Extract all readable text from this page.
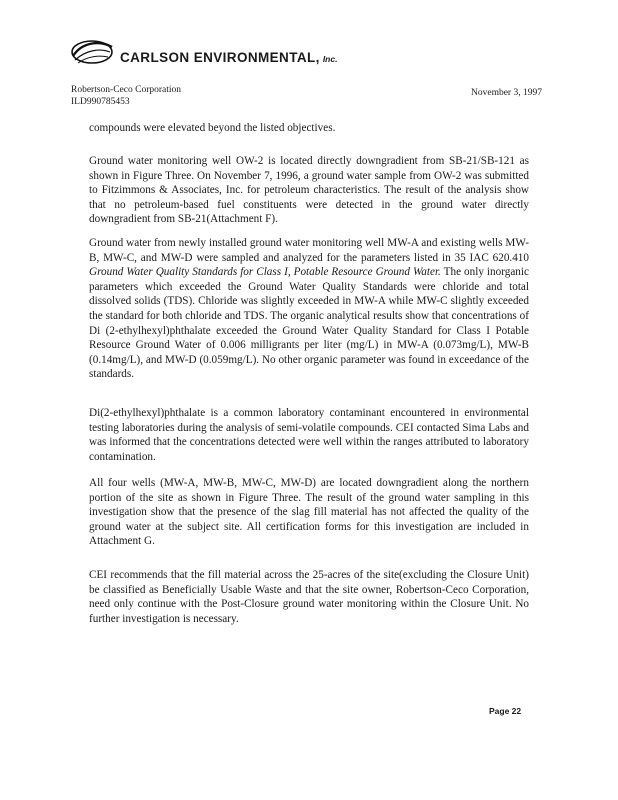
CARLSON ENVIRONMENTAL, Inc.
Robertson-Ceco Corporation
ILD990785453
November 3, 1997

compounds were elevated beyond the listed objectives.

Ground water monitoring well OW-2 is located directly downgradient from SB-21/SB-121 as shown in Figure Three. On November 7, 1996, a ground water sample from OW-2 was submitted to Fitzimmons & Associates, Inc. for petroleum characteristics. The result of the analysis show that no petroleum-based fuel constituents were detected in the ground water directly downgradient from SB-21(Attachment F).

Ground water from newly installed ground water monitoring well MW-A and existing wells MW-B, MW-C, and MW-D were sampled and analyzed for the parameters listed in 35 IAC 620.410 Ground Water Quality Standards for Class I, Potable Resource Ground Water. The only inorganic parameters which exceeded the Ground Water Quality Standards were chloride and total dissolved solids (TDS). Chloride was slightly exceeded in MW-A while MW-C slightly exceeded the standard for both chloride and TDS. The organic analytical results show that concentrations of Di (2-ethylhexyl)phthalate exceeded the Ground Water Quality Standard for Class I Potable Resource Ground Water of 0.006 milligrants per liter (mg/L) in MW-A (0.073mg/L), MW-B (0.14mg/L), and MW-D (0.059mg/L). No other organic parameter was found in exceedance of the standards.

Di(2-ethylhexyl)phthalate is a common laboratory contaminant encountered in environmental testing laboratories during the analysis of semi-volatile compounds. CEI contacted Sima Labs and was informed that the concentrations detected were well within the ranges attributed to laboratory contamination.

All four wells (MW-A, MW-B, MW-C, MW-D) are located downgradient along the northern portion of the site as shown in Figure Three. The result of the ground water sampling in this investigation show that the presence of the slag fill material has not affected the quality of the ground water at the subject site. All certification forms for this investigation are included in Attachment G.

CEI recommends that the fill material across the 25-acres of the site(excluding the Closure Unit) be classified as Beneficially Usable Waste and that the site owner, Robertson-Ceco Corporation, need only continue with the Post-Closure ground water monitoring within the Closure Unit. No further investigation is necessary.

Page 22
